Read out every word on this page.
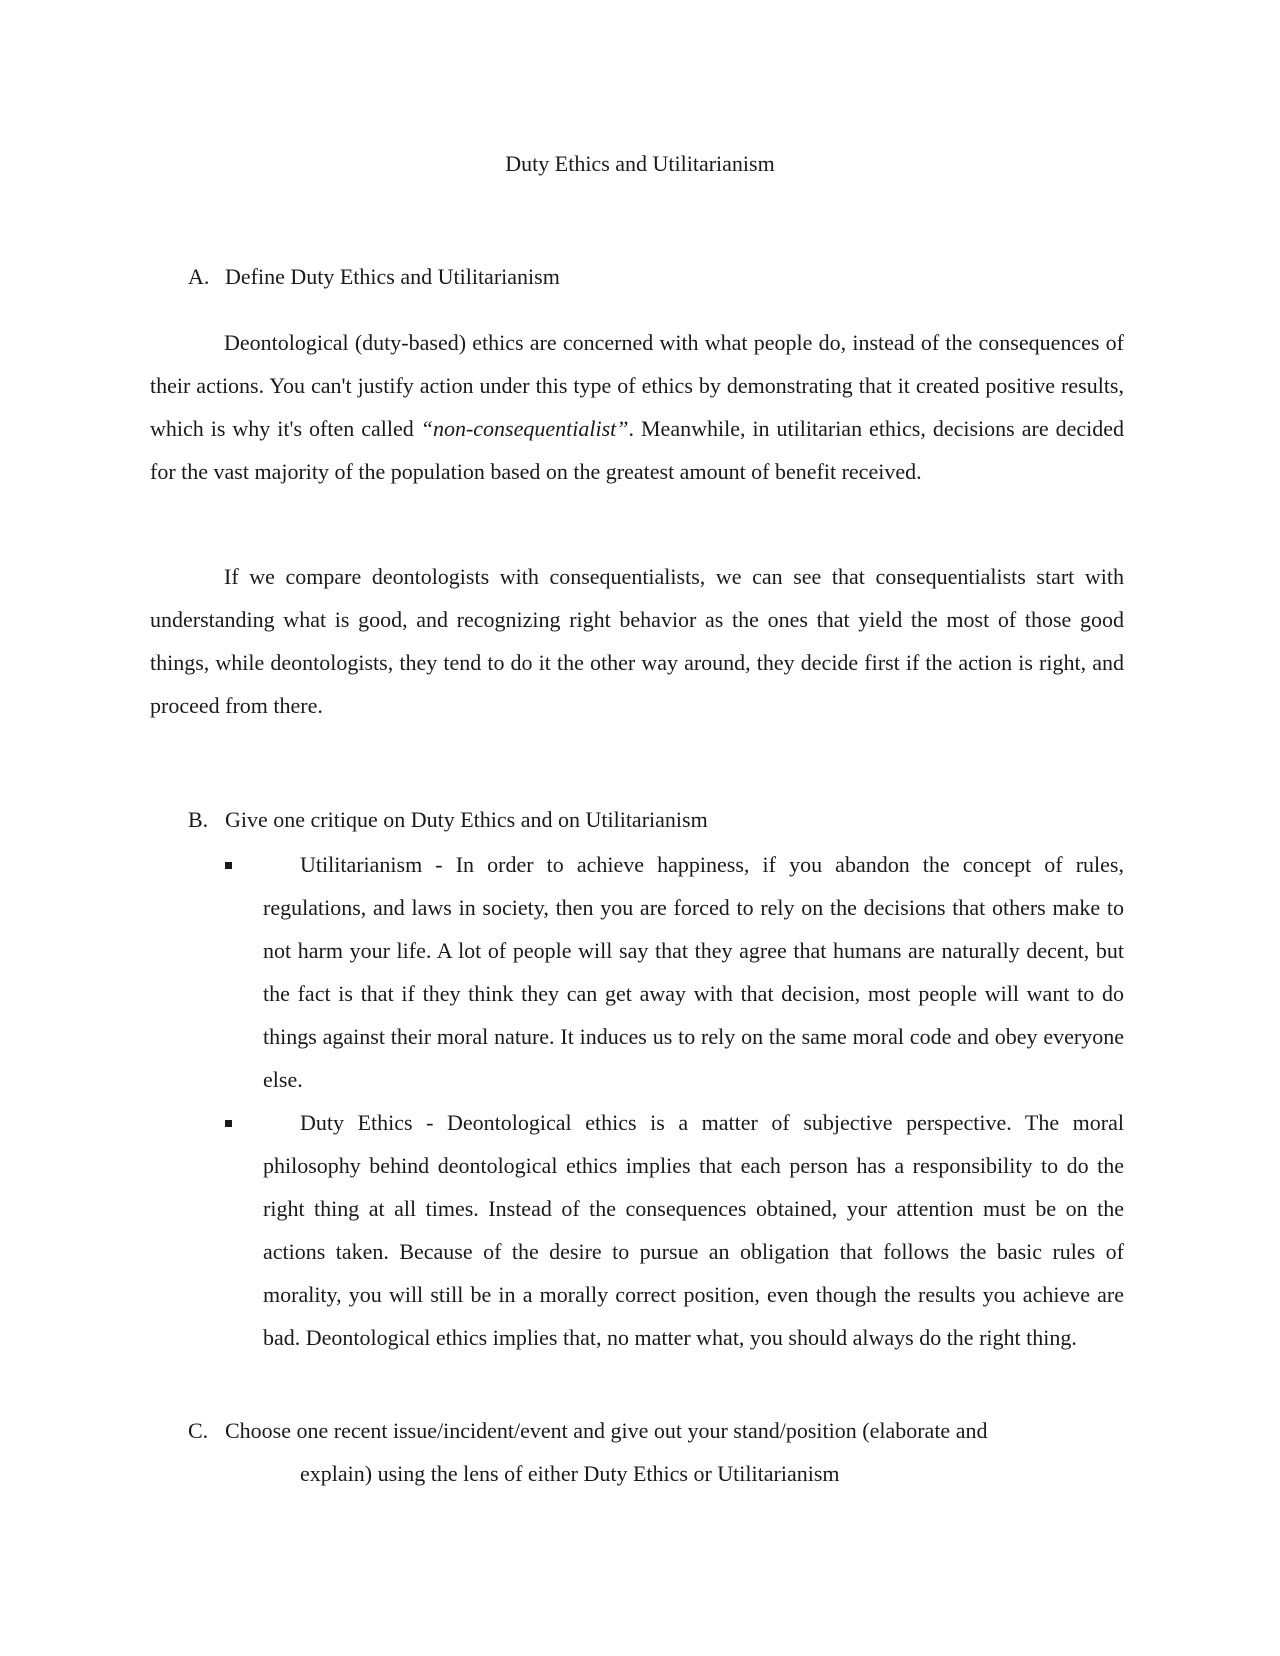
Duty Ethics and Utilitarianism
A. Define Duty Ethics and Utilitarianism

Deontological (duty-based) ethics are concerned with what people do, instead of the consequences of their actions. You can't justify action under this type of ethics by demonstrating that it created positive results, which is why it's often called “non-consequentialist”. Meanwhile, in utilitarian ethics, decisions are decided for the vast majority of the population based on the greatest amount of benefit received.

If we compare deontologists with consequentialists, we can see that consequentialists start with understanding what is good, and recognizing right behavior as the ones that yield the most of those good things, while deontologists, they tend to do it the other way around, they decide first if the action is right, and proceed from there.

B. Give one critique on Duty Ethics and on Utilitarianism

Utilitarianism - In order to achieve happiness, if you abandon the concept of rules, regulations, and laws in society, then you are forced to rely on the decisions that others make to not harm your life. A lot of people will say that they agree that humans are naturally decent, but the fact is that if they think they can get away with that decision, most people will want to do things against their moral nature. It induces us to rely on the same moral code and obey everyone else.

Duty Ethics - Deontological ethics is a matter of subjective perspective. The moral philosophy behind deontological ethics implies that each person has a responsibility to do the right thing at all times. Instead of the consequences obtained, your attention must be on the actions taken. Because of the desire to pursue an obligation that follows the basic rules of morality, you will still be in a morally correct position, even though the results you achieve are bad. Deontological ethics implies that, no matter what, you should always do the right thing.

C. Choose one recent issue/incident/event and give out your stand/position (elaborate and
explain) using the lens of either Duty Ethics or Utilitarianism
